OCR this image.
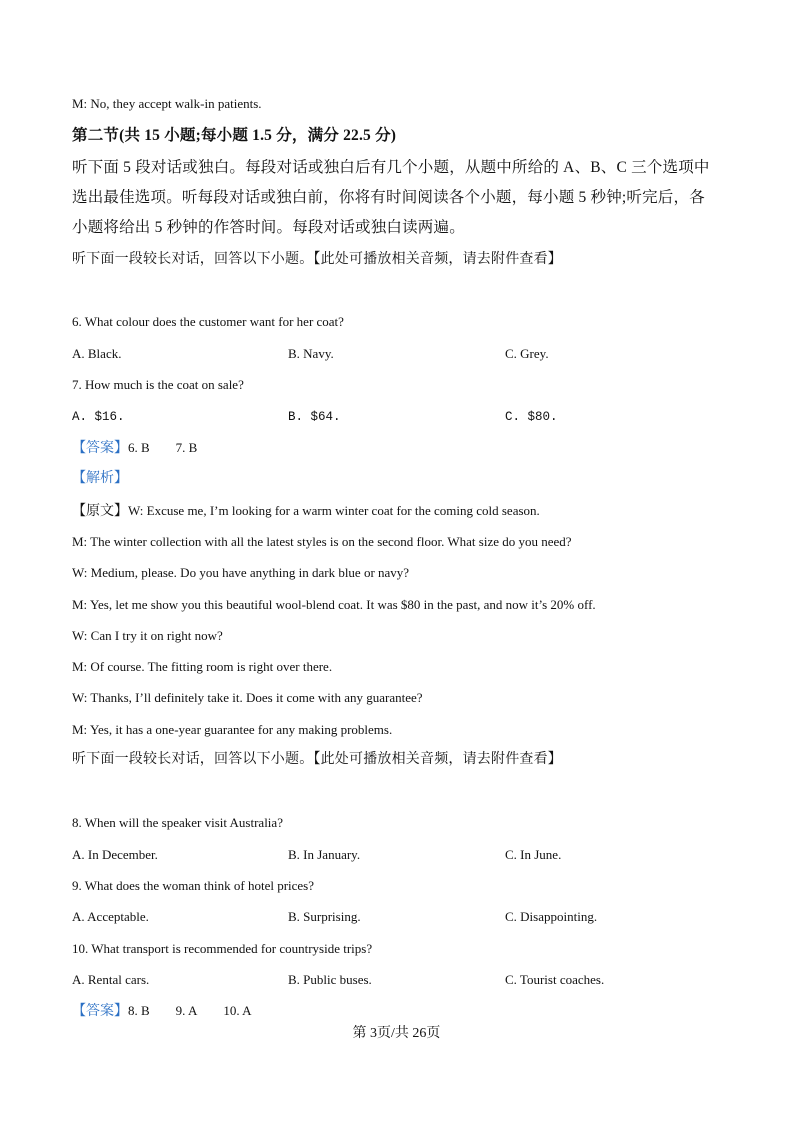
M: No, they accept walk-in patients.
第二节(共 15 小题;每小题 1.5 分，满分 22.5 分)
听下面 5 段对话或独白。每段对话或独白后有几个小题，从题中所给的 A、B、C 三个选项中
选出最佳选项。听每段对话或独白前，你将有时间阅读各个小题，每小题 5 秒钟;听完后，各
小题将给出 5 秒钟的作答时间。每段对话或独白读两遍。
听下面一段较长对话，回答以下小题。【此处可播放相关音频，请去附件查看】
6. What colour does the customer want for her coat?
A. Black.	B. Navy.	C. Grey.
7. How much is the coat on sale?
A. $16.	B. $64.	C. $80.
【答案】6. B 7. B
【解析】
【原文】W: Excuse me, I’m looking for a warm winter coat for the coming cold season.
M: The winter collection with all the latest styles is on the second floor. What size do you need?
W: Medium, please. Do you have anything in dark blue or navy?
M: Yes, let me show you this beautiful wool-blend coat. It was $80 in the past, and now it’s 20% off.
W: Can I try it on right now?
M: Of course. The fitting room is right over there.
W: Thanks, I’ll definitely take it. Does it come with any guarantee?
M: Yes, it has a one-year guarantee for any making problems.
听下面一段较长对话，回答以下小题。【此处可播放相关音频，请去附件查看】
8. When will the speaker visit Australia?
A. In December.	B. In January.	C. In June.
9. What does the woman think of hotel prices?
A. Acceptable.	B. Surprising.	C. Disappointing.
10. What transport is recommended for countryside trips?
A. Rental cars.	B. Public buses.	C. Tourist coaches.
【答案】8. B 9. A 10. A
第 3页/共 26页
